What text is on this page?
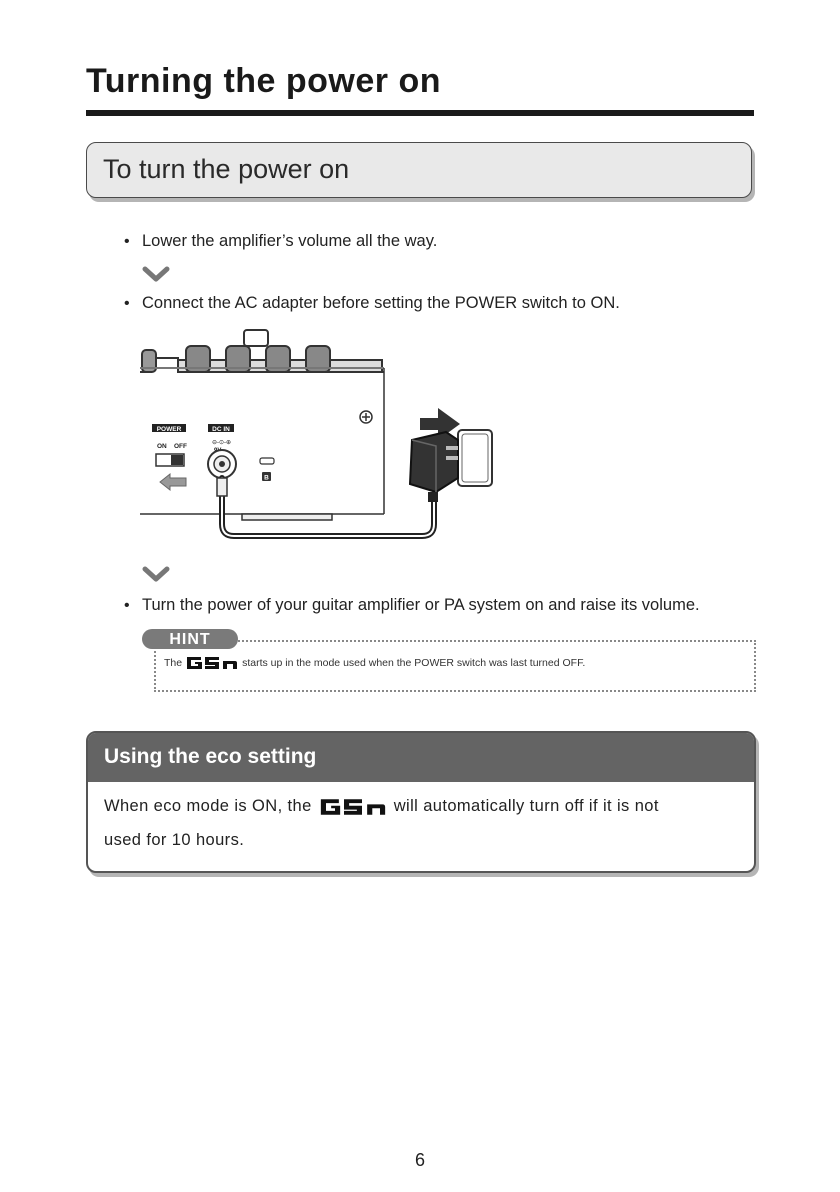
Turning the power on
To turn the power on
• Lower the amplifier’s volume all the way.
• Connect the AC adapter before setting the POWER switch to ON.
POWER
ON OFF
DC IN
⊖-⊙-⊕
B
• Turn the power of your guitar amplifier or PA system on and raise its volume.
HINT
The	starts up in the mode used when the POWER switch was last turned OFF.
Using the eco setting
When eco mode is ON, the	will automatically turn off if it is not
used for 10 hours.
6
